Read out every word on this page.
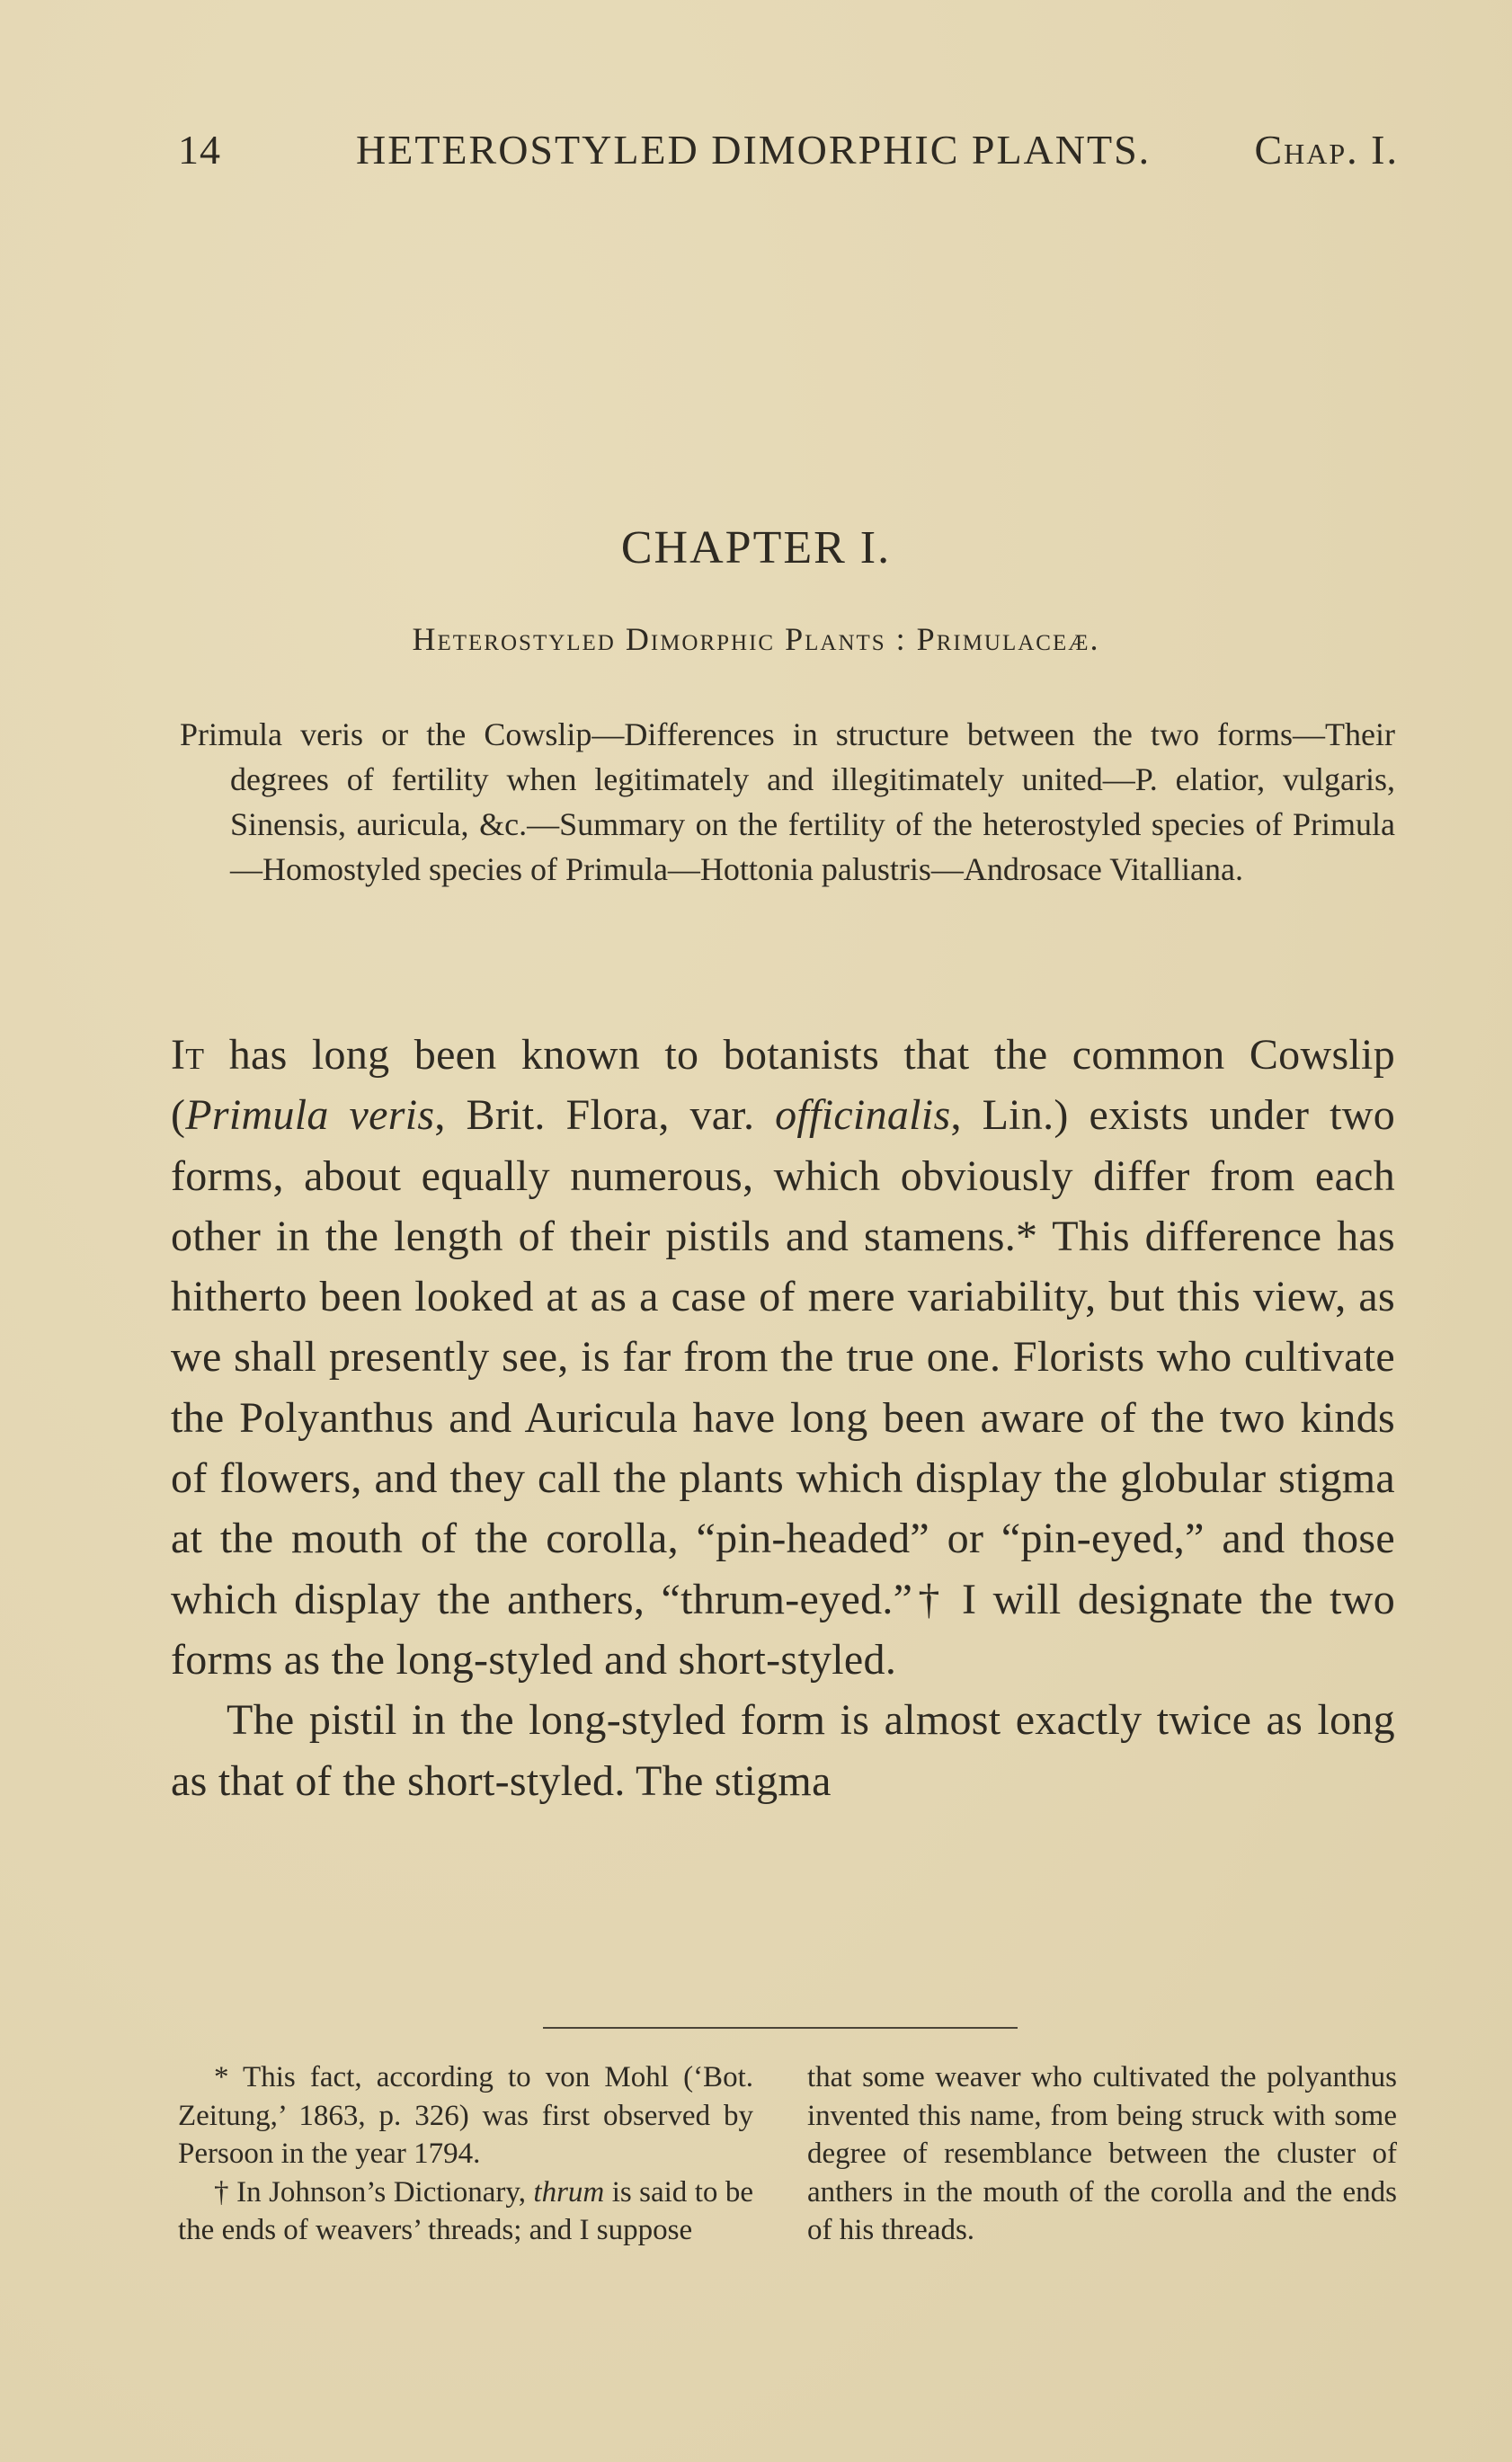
14	HETEROSTYLED DIMORPHIC PLANTS.	Chap. I.
CHAPTER I.
Heterostyled Dimorphic Plants : Primulaceæ.
Primula veris or the Cowslip—Differences in structure between the two forms—Their degrees of fertility when legitimately and illegitimately united—P. elatior, vulgaris, Sinensis, auricula, &c.—Summary on the fertility of the heterostyled species of Primula—Homostyled species of Primula—Hottonia palustris—Androsace Vitalliana.

It has long been known to botanists that the common Cowslip (Primula veris, Brit. Flora, var. officinalis, Lin.) exists under two forms, about equally numerous, which obviously differ from each other in the length of their pistils and stamens.* This difference has hitherto been looked at as a case of mere variability, but this view, as we shall presently see, is far from the true one. Florists who cultivate the Polyanthus and Auricula have long been aware of the two kinds of flowers, and they call the plants which display the globular stigma at the mouth of the corolla, “pin-headed” or “pin-eyed,” and those which display the anthers, “thrum-eyed.”† I will designate the two forms as the long-styled and short-styled.

The pistil in the long-styled form is almost exactly twice as long as that of the short-styled. The stigma

* This fact, according to von Mohl (‘Bot. Zeitung,’ 1863, p. 326) was first observed by Persoon in the year 1794.

† In Johnson’s Dictionary, thrum is said to be the ends of weavers’ threads; and I suppose

that some weaver who cultivated the polyanthus invented this name, from being struck with some degree of resemblance between the cluster of anthers in the mouth of the corolla and the ends of his threads.
